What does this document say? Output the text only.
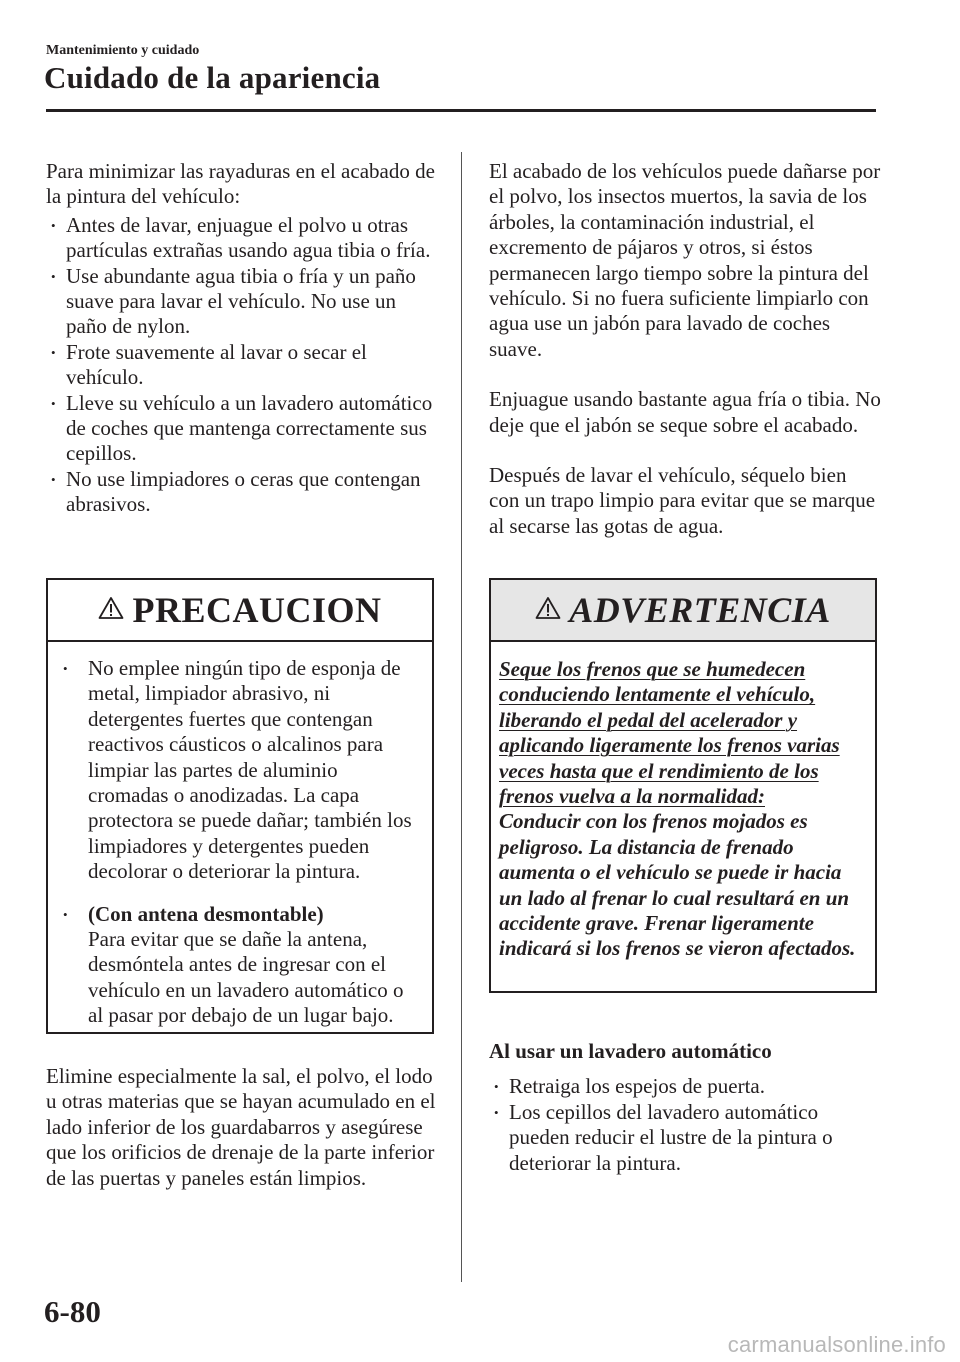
Mantenimiento y cuidado
Cuidado de la apariencia

Para minimizar las rayaduras en el acabado de la pintura del vehículo:

• Antes de lavar, enjuague el polvo u otras partículas extrañas usando agua tibia o fría.
• Use abundante agua tibia o fría y un paño suave para lavar el vehículo. No use un paño de nylon.
• Frote suavemente al lavar o secar el vehículo.
• Lleve su vehículo a un lavadero automático de coches que mantenga correctamente sus cepillos.
• No use limpiadores o ceras que contengan abrasivos.
PRECAUCION
• No emplee ningún tipo de esponja de metal, limpiador abrasivo, ni detergentes fuertes que contengan reactivos cáusticos o alcalinos para limpiar las partes de aluminio cromadas o anodizadas. La capa protectora se puede dañar; también los limpiadores y detergentes pueden decolorar o deteriorar la pintura.
• (Con antena desmontable)
Para evitar que se dañe la antena, desmóntela antes de ingresar con el vehículo en un lavadero automático o al pasar por debajo de un lugar bajo.

Elimine especialmente la sal, el polvo, el lodo u otras materias que se hayan acumulado en el lado inferior de los guardabarros y asegúrese que los orificios de drenaje de la parte inferior de las puertas y paneles están limpios.

El acabado de los vehículos puede dañarse por el polvo, los insectos muertos, la savia de los árboles, la contaminación industrial, el excremento de pájaros y otros, si éstos permanecen largo tiempo sobre la pintura del vehículo. Si no fuera suficiente limpiarlo con agua use un jabón para lavado de coches suave.

Enjuague usando bastante agua fría o tibia. No deje que el jabón se seque sobre el acabado.

Después de lavar el vehículo, séquelo bien con un trapo limpio para evitar que se marque al secarse las gotas de agua.

ADVERTENCIA
Seque los frenos que se humedecen conduciendo lentamente el vehículo, liberando el pedal del acelerador y aplicando ligeramente los frenos varias veces hasta que el rendimiento de los frenos vuelva a la normalidad:
Conducir con los frenos mojados es peligroso. La distancia de frenado aumenta o el vehículo se puede ir hacia un lado al frenar lo cual resultará en un accidente grave. Frenar ligeramente indicará si los frenos se vieron afectados.
Al usar un lavadero automático
• Retraiga los espejos de puerta.
• Los cepillos del lavadero automático pueden reducir el lustre de la pintura o deteriorar la pintura.
6-80
carmanualsonline.info
